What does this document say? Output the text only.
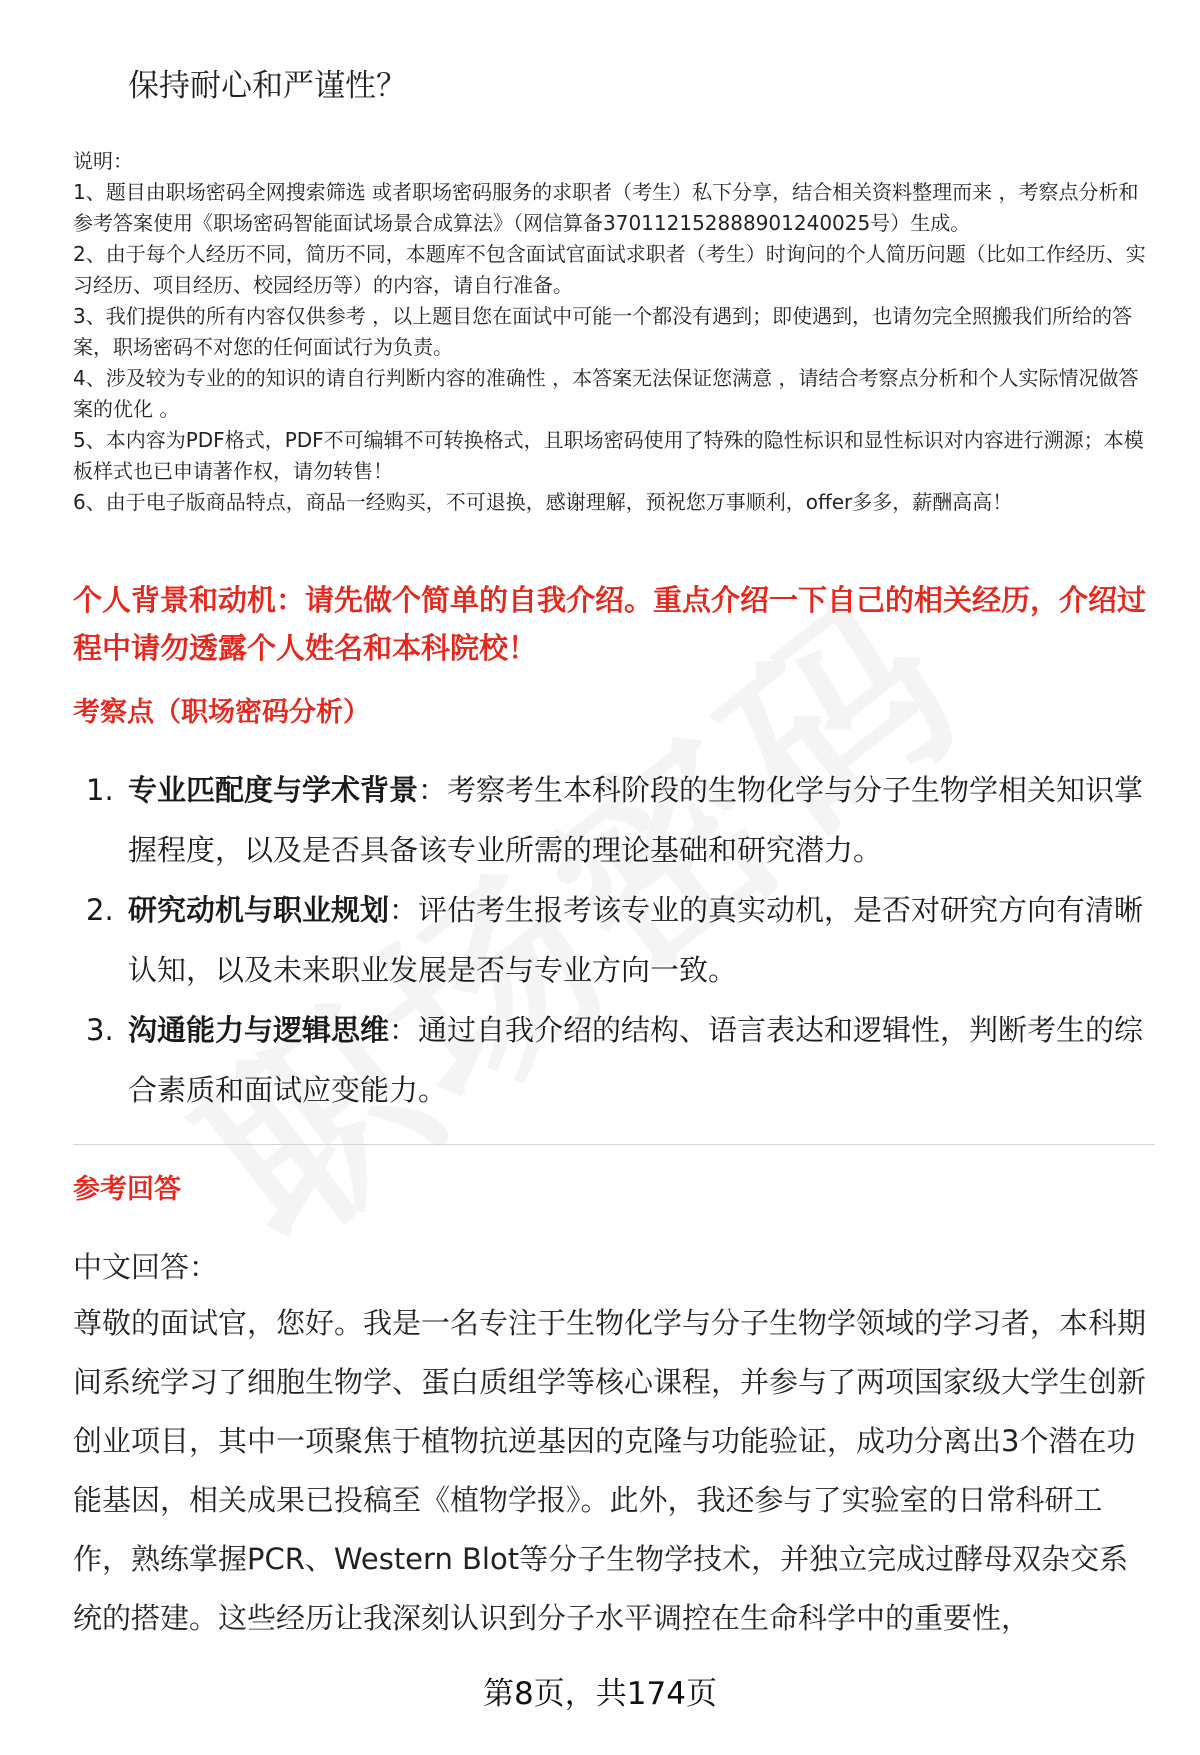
保持耐心和严谨性？

说明：

1、题目由职场密码全网搜索筛选 或者职场密码服务的求职者（考生）私下分享，结合相关资料整理而来 ，考察点分析和参考答案使用《职场密码智能面试场景合成算法》（网信算备370112152888901240025号）生成。

2、由于每个人经历不同，简历不同，本题库不包含面试官面试求职者（考生）时询问的个人简历问题（比如工作经历、实习经历、项目经历、校园经历等）的内容，请自行准备。

3、我们提供的所有内容仅供参考 ，以上题目您在面试中可能一个都没有遇到；即使遇到，也请勿完全照搬我们所给的答案，职场密码不对您的任何面试行为负责。

4、涉及较为专业的的知识的请自行判断内容的准确性 ，本答案无法保证您满意 ，请结合考察点分析和个人实际情况做答案的优化 。

5、本内容为PDF格式，PDF不可编辑不可转换格式，且职场密码使用了特殊的隐性标识和显性标识对内容进行溯源；本模板样式也已申请著作权，请勿转售！

6、由于电子版商品特点，商品一经购买，不可退换，感谢理解，预祝您万事顺利，offer多多，薪酬高高！

个人背景和动机：请先做个简单的自我介绍。重点介绍一下自己的相关经历，介绍过程中请勿透露个人姓名和本科院校！
考察点（职场密码分析）
1. 专业匹配度与学术背景：考察考生本科阶段的生物化学与分子生物学相关知识掌握程度，以及是否具备该专业所需的理论基础和研究潜力。
2. 研究动机与职业规划：评估考生报考该专业的真实动机，是否对研究方向有清晰认知，以及未来职业发展是否与专业方向一致。
3. 沟通能力与逻辑思维：通过自我介绍的结构、语言表达和逻辑性，判断考生的综合素质和面试应变能力。
参考回答
中文回答：

尊敬的面试官，您好。我是一名专注于生物化学与分子生物学领域的学习者，本科期间系统学习了细胞生物学、蛋白质组学等核心课程，并参与了两项国家级大学生创新创业项目，其中一项聚焦于植物抗逆基因的克隆与功能验证，成功分离出3个潜在功能基因，相关成果已投稿至《植物学报》。此外，我还参与了实验室的日常科研工作，熟练掌握PCR、Western Blot等分子生物学技术，并独立完成过酵母双杂交系统的搭建。这些经历让我深刻认识到分子水平调控在生命科学中的重要性，

第8页，共174页
